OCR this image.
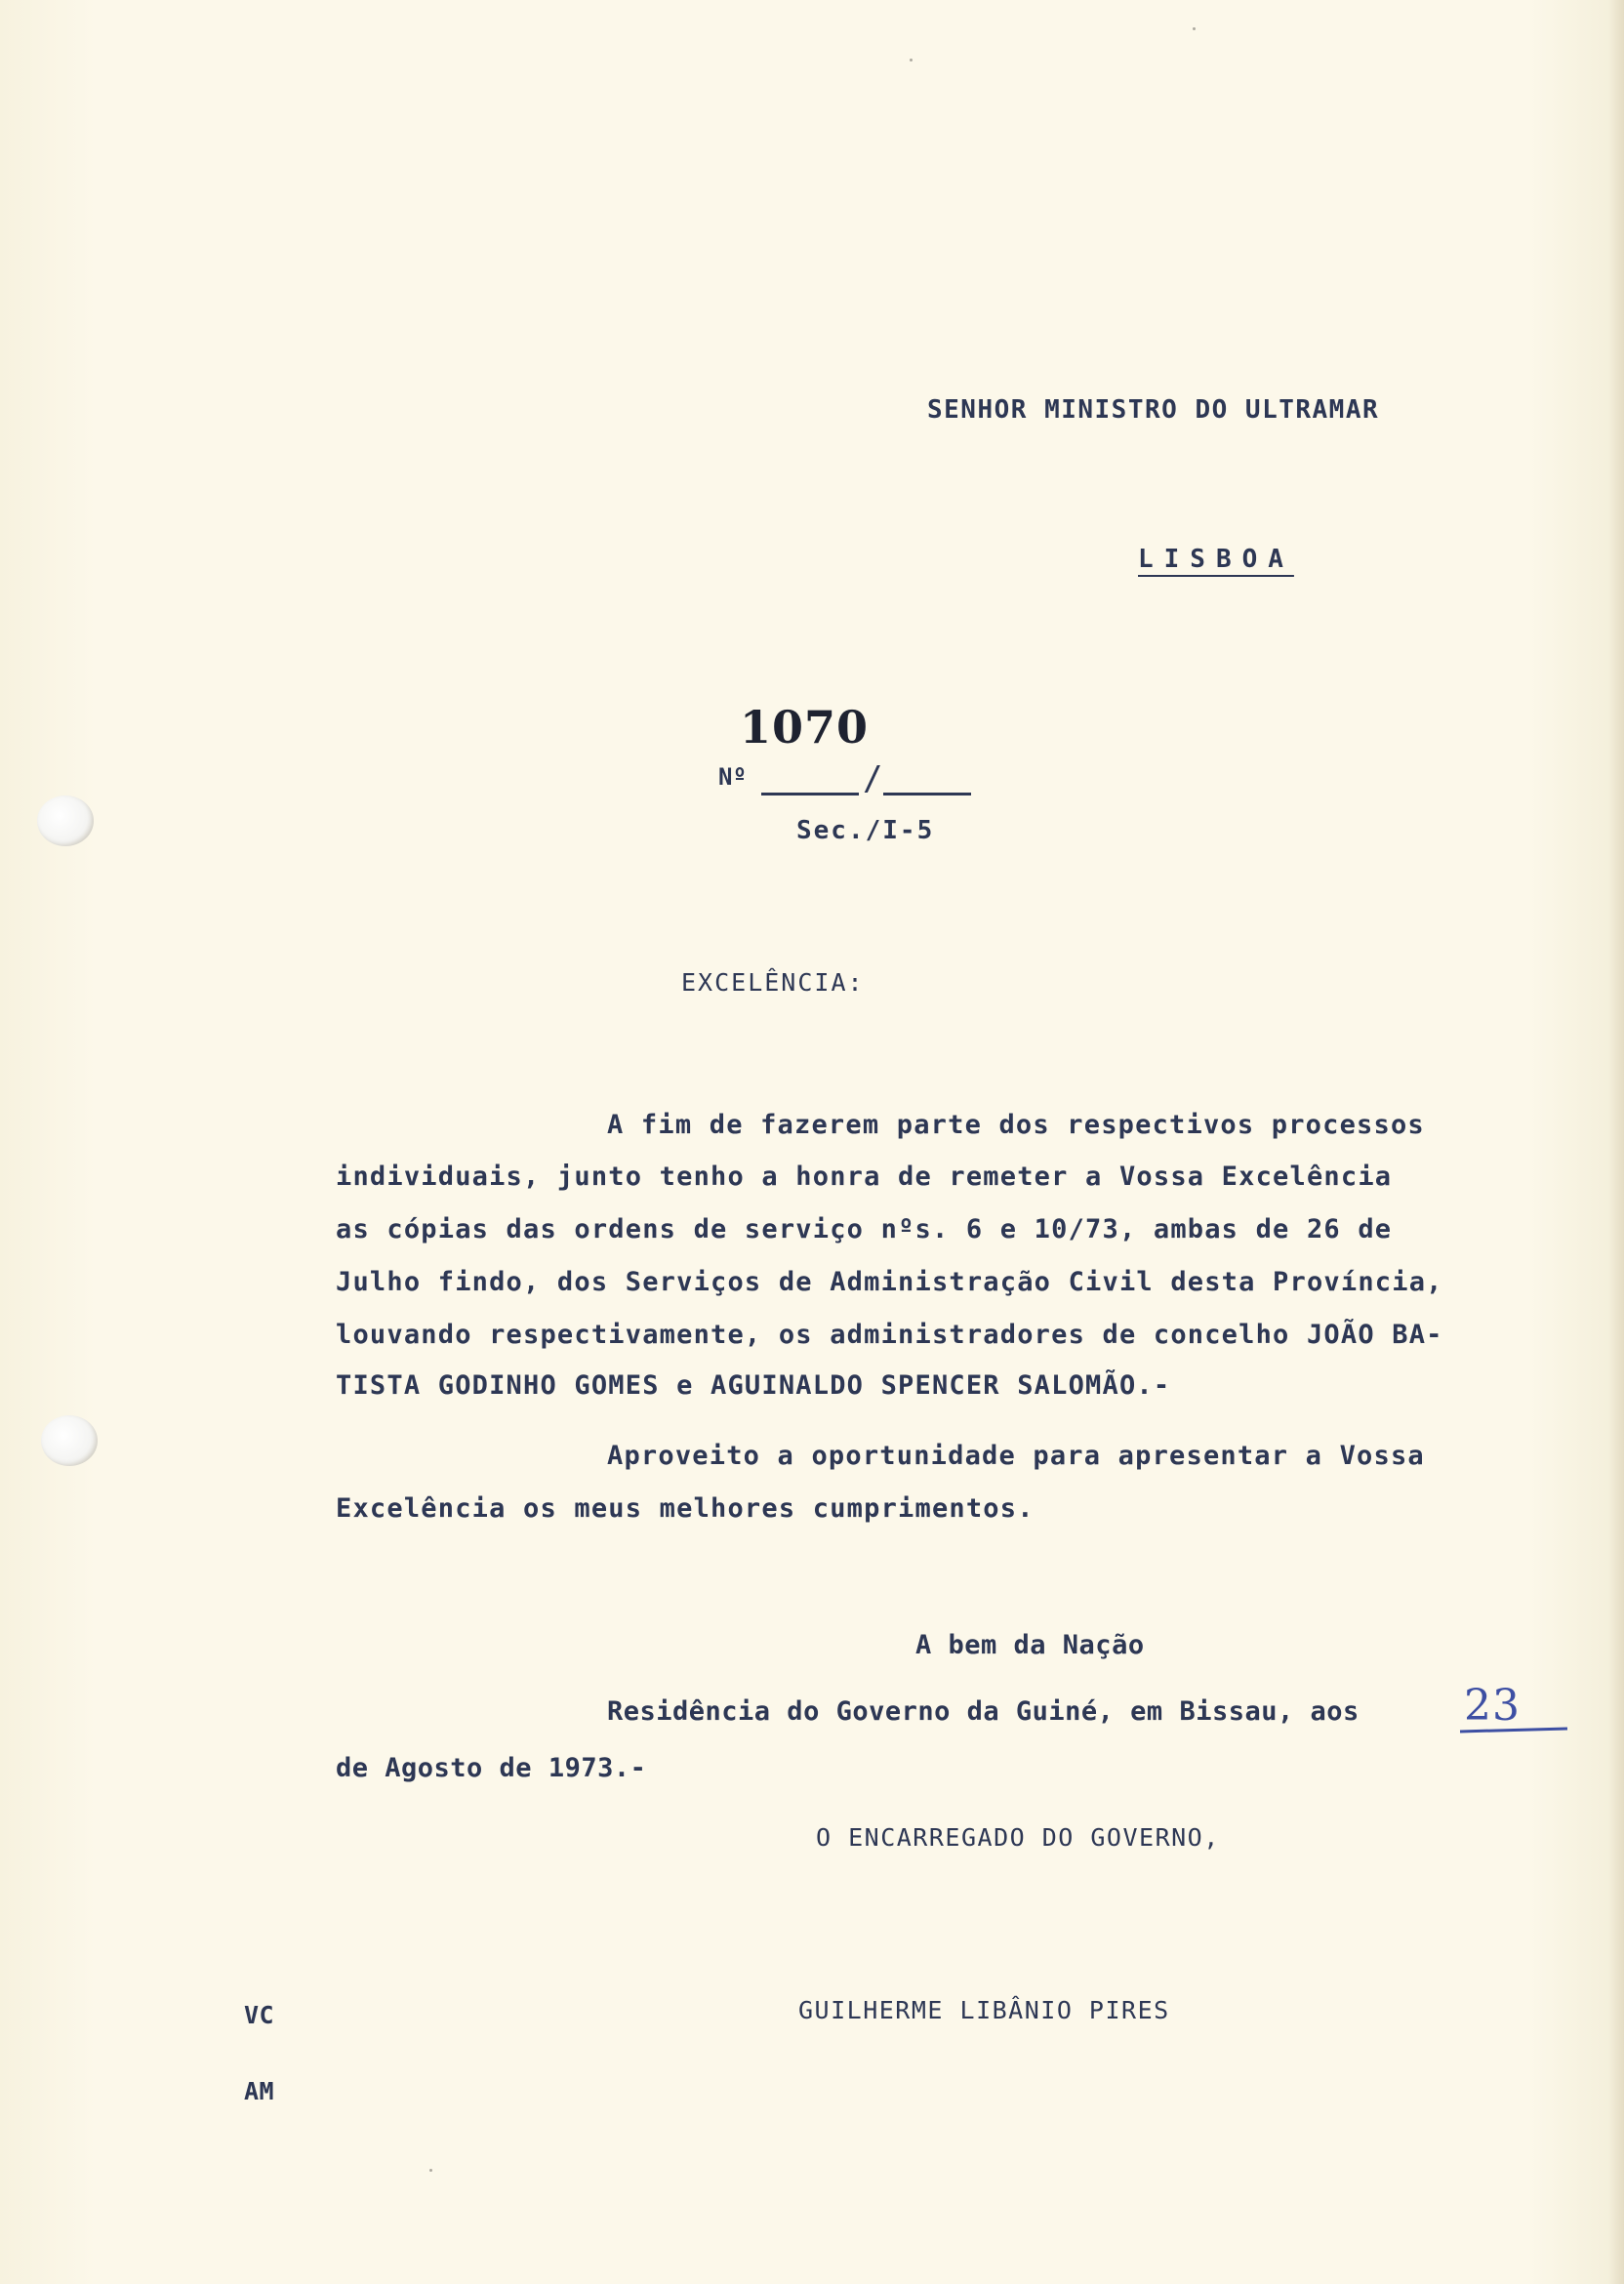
SENHOR MINISTRO DO ULTRAMAR
LISBOA
1070
Nº	/
Sec./I-5
EXCELÊNCIA:
A fim de fazerem parte dos respectivos processos
individuais, junto tenho a honra de remeter a Vossa Excelência
as cópias das ordens de serviço nºs. 6 e 10/73, ambas de 26 de
Julho findo, dos Serviços de Administração Civil desta Província,
louvando respectivamente, os administradores de concelho JOÃO BA-
TISTA GODINHO GOMES e AGUINALDO SPENCER SALOMÃO.-
Aproveito a oportunidade para apresentar a Vossa
Excelência os meus melhores cumprimentos.
A bem da Nação
Residência do Governo da Guiné, em Bissau, aos 23
de Agosto de 1973.-
O ENCARREGADO DO GOVERNO,
GUILHERME LIBÂNIO PIRES
VC
AM
